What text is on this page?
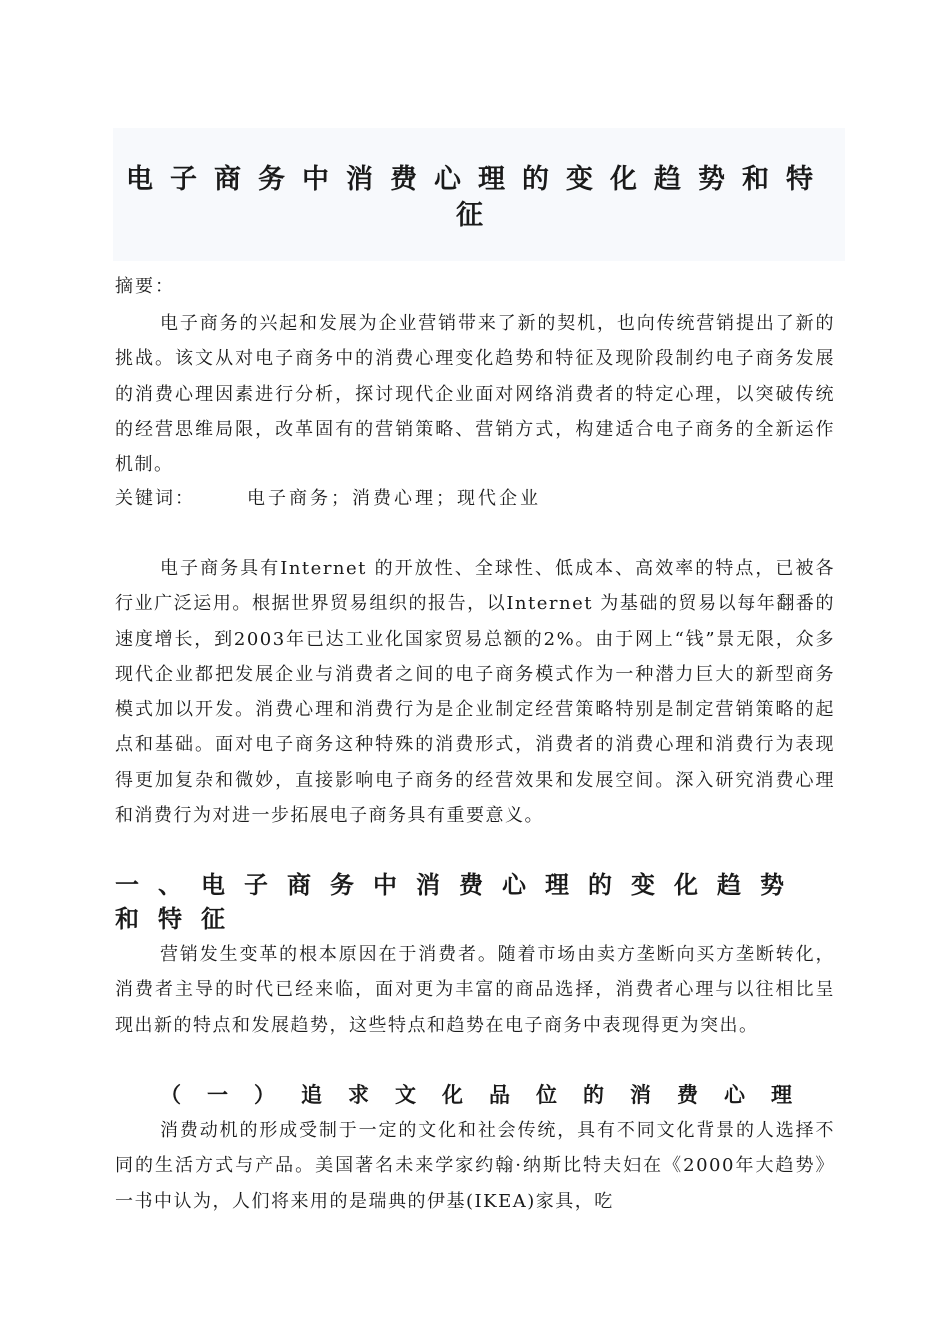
电子商务中消费心理的变化趋势和特征

摘要：

电子商务的兴起和发展为企业营销带来了新的契机，也向传统营销提出了新的挑战。该文从对电子商务中的消费心理变化趋势和特征及现阶段制约电子商务发展的消费心理因素进行分析，探讨现代企业面对网络消费者的特定心理，以突破传统的经营思维局限，改革固有的营销策略、营销方式，构建适合电子商务的全新运作机制。

关键词：	电子商务；消费心理；现代企业

电子商务具有Internet 的开放性、全球性、低成本、高效率的特点，已被各行业广泛运用。根据世界贸易组织的报告，以Internet 为基础的贸易以每年翻番的速度增长，到2003年已达工业化国家贸易总额的2%。由于网上“钱”景无限，众多现代企业都把发展企业与消费者之间的电子商务模式作为一种潜力巨大的新型商务模式加以开发。消费心理和消费行为是企业制定经营策略特别是制定营销策略的起点和基础。面对电子商务这种特殊的消费形式，消费者的消费心理和消费行为表现得更加复杂和微妙，直接影响电子商务的经营效果和发展空间。深入研究消费心理和消费行为对进一步拓展电子商务具有重要意义。

一、电子商务中消费心理的变化趋势和特征

营销发生变革的根本原因在于消费者。随着市场由卖方垄断向买方垄断转化，消费者主导的时代已经来临，面对更为丰富的商品选择，消费者心理与以往相比呈现出新的特点和发展趋势，这些特点和趋势在电子商务中表现得更为突出。

（一）追求文化品位的消费心理

消费动机的形成受制于一定的文化和社会传统，具有不同文化背景的人选择不同的生活方式与产品。美国著名未来学家约翰·纳斯比特夫妇在《2000年大趋势》一书中认为，人们将来用的是瑞典的伊基(IKEA)家具，吃
